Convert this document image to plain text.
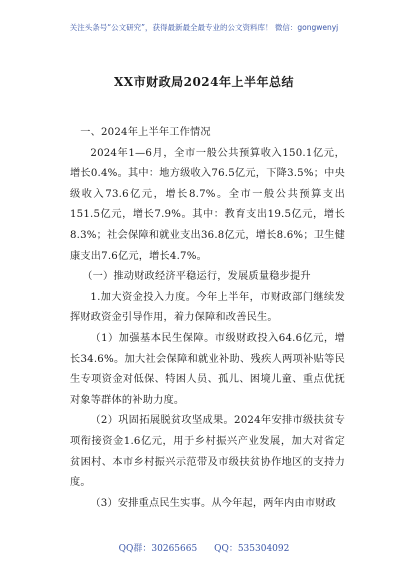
关注头条号“公文研究”，获得最新最全最专业的公文资料库！ 微信：gongwenyj
XX市财政局2024年上半年总结

一、2024年上半年工作情况

2024年1—6月，全市一般公共预算收入150.1亿元，增长0.4%。其中：地方级收入76.5亿元，下降3.5%；中央级收入73.6亿元，增长8.7%。全市一般公共预算支出151.5亿元，增长7.9%。其中：教育支出19.5亿元，增长8.3%；社会保障和就业支出36.8亿元，增长8.6%；卫生健康支出7.6亿元，增长4.7%。

（一）推动财政经济平稳运行，发展质量稳步提升

1.加大资金投入力度。今年上半年，市财政部门继续发挥财政资金引导作用，着力保障和改善民生。

（1）加强基本民生保障。市级财政投入64.6亿元，增长34.6%。加大社会保障和就业补助、残疾人两项补贴等民生专项资金对低保、特困人员、孤儿、困境儿童、重点优抚对象等群体的补助力度。

（2）巩固拓展脱贫攻坚成果。2024年安排市级扶贫专项衔接资金1.6亿元，用于乡村振兴产业发展，加大对省定贫困村、本市乡村振兴示范带及市级扶贫协作地区的支持力度。

（3）安排重点民生实事。从今年起，两年内由市财政

QQ群：30265665 QQ：535304092
